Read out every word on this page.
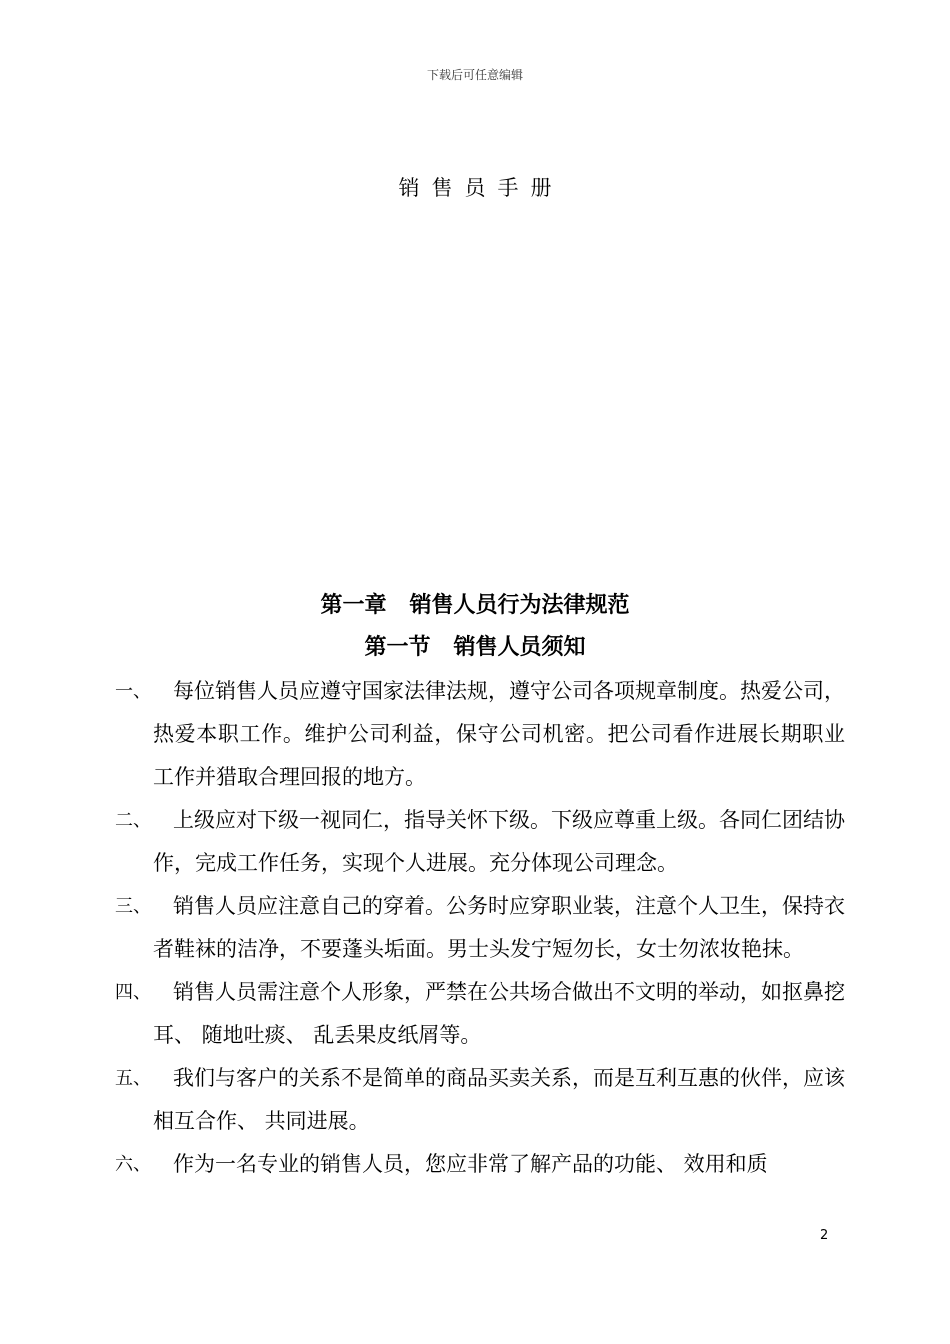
下载后可任意编辑
销售员手册
第一章   销售人员行为法律规范
第一节   销售人员须知
一、	每位销售人员应遵守国家法律法规，遵守公司各项规章制度。热爱公司，热爱本职工作。维护公司利益，保守公司机密。把公司看作进展长期职业工作并猎取合理回报的地方。
二、	上级应对下级一视同仁，指导关怀下级。下级应尊重上级。各同仁团结协作，完成工作任务，实现个人进展。充分体现公司理念。
三、	销售人员应注意自己的穿着。公务时应穿职业装，注意个人卫生，保持衣者鞋袜的洁净，不要蓬头垢面。男士头发宁短勿长，女士勿浓妆艳抹。
四、	销售人员需注意个人形象，严禁在公共场合做出不文明的举动，如抠鼻挖耳、 随地吐痰、 乱丢果皮纸屑等。
五、	我们与客户的关系不是简单的商品买卖关系，而是互利互惠的伙伴，应该相互合作、 共同进展。
六、	作为一名专业的销售人员，您应非常了解产品的功能、 效用和质
2
